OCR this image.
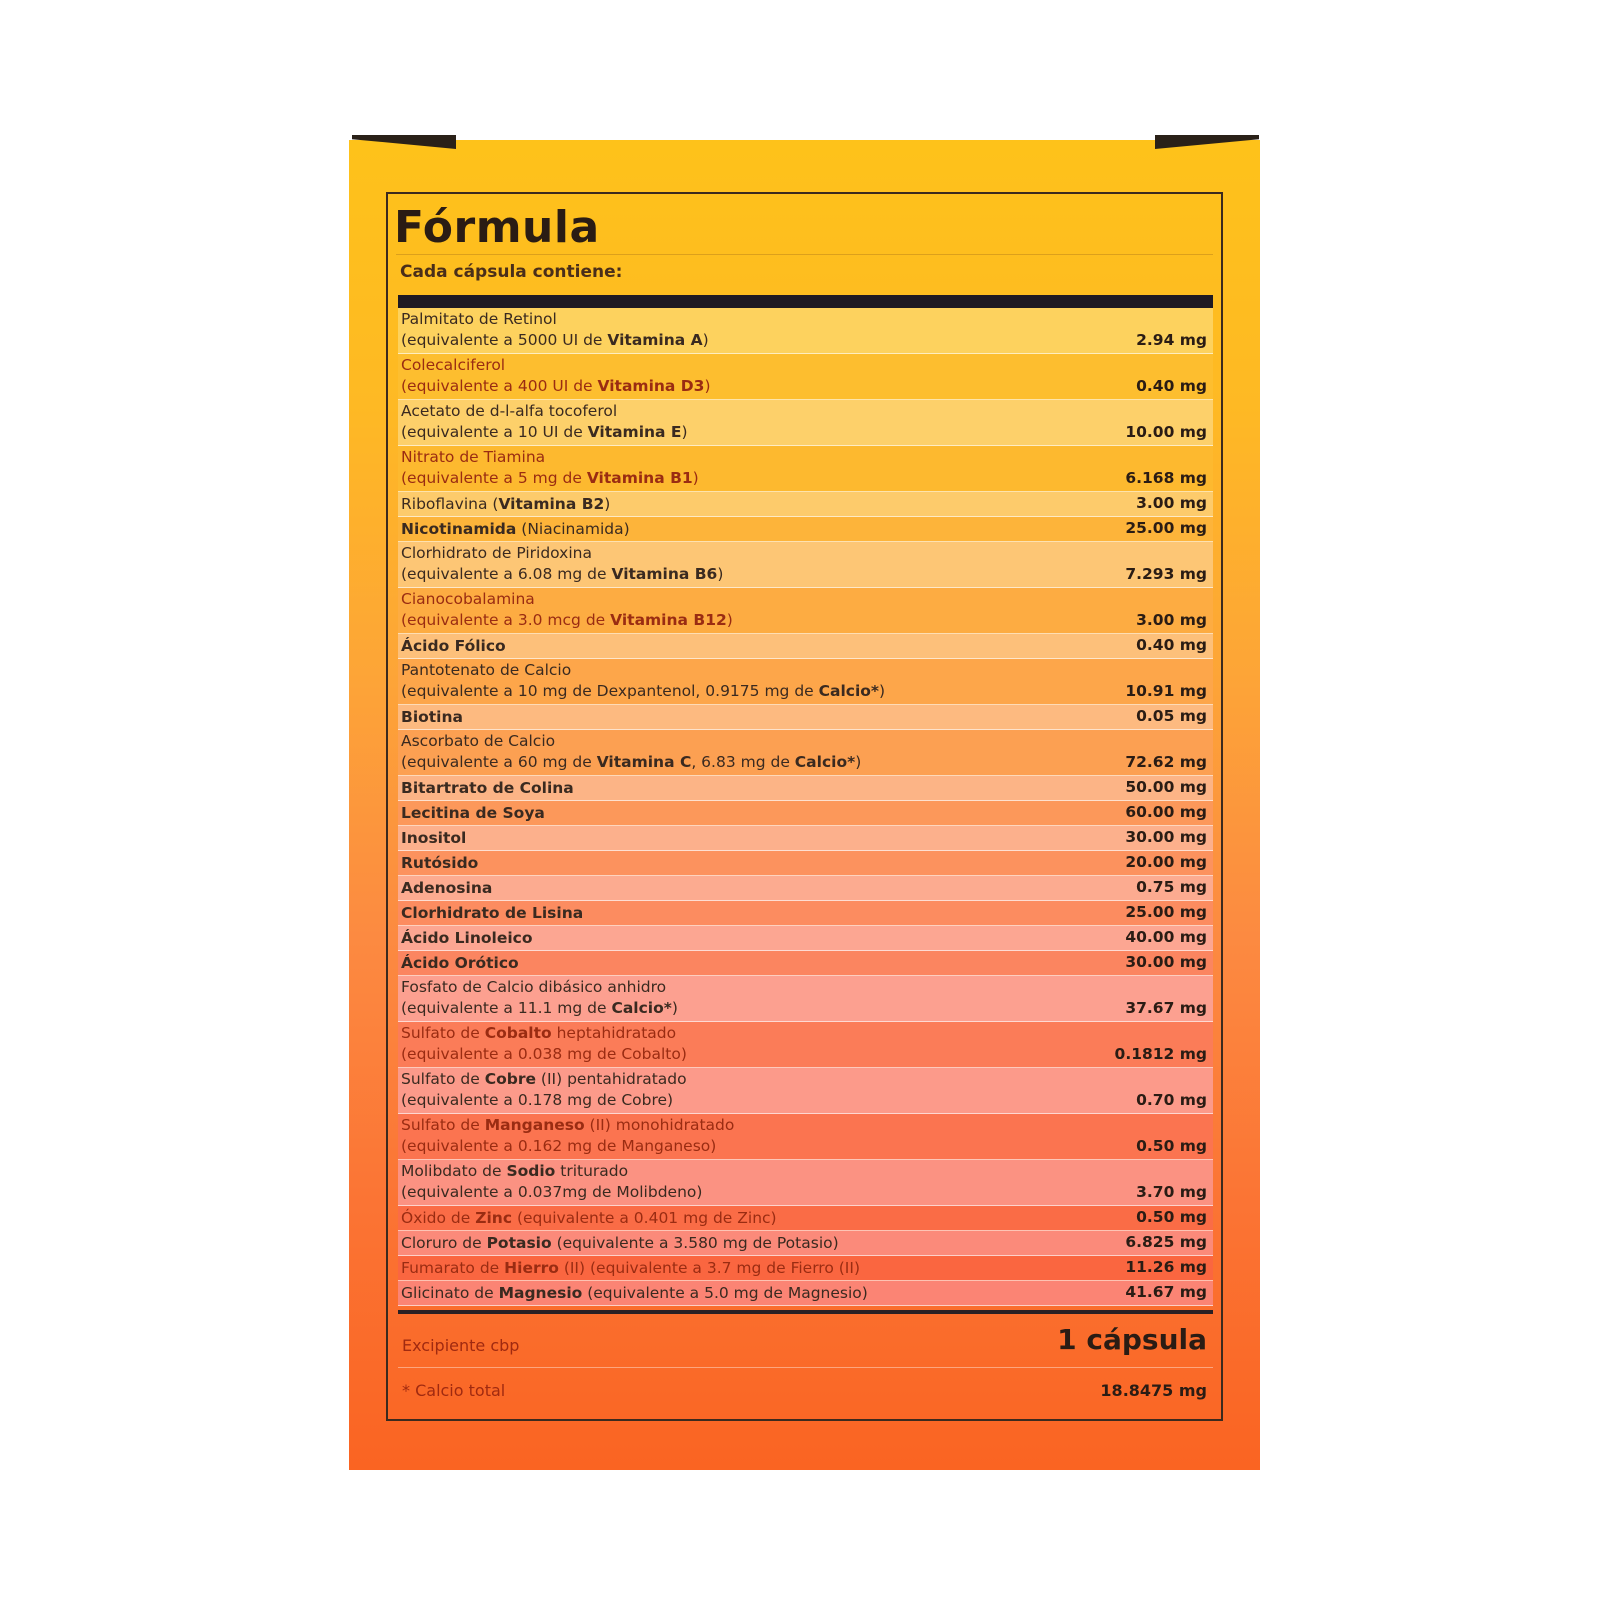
Fórmula

Cada cápsula contiene:

Palmitato de Retinol
(equivalente a 5000 UI de Vitamina A)	2.94 mg
Colecalciferol
(equivalente a 400 UI de Vitamina D3)	0.40 mg
Acetato de d-l-alfa tocoferol
(equivalente a 10 UI de Vitamina E)	10.00 mg
Nitrato de Tiamina
(equivalente a 5 mg de Vitamina B1)	6.168 mg
Riboflavina (Vitamina B2)	3.00 mg
Nicotinamida (Niacinamida)	25.00 mg
Clorhidrato de Piridoxina
(equivalente a 6.08 mg de Vitamina B6)	7.293 mg
Cianocobalamina
(equivalente a 3.0 mcg de Vitamina B12)	3.00 mg
Ácido Fólico	0.40 mg
Pantotenato de Calcio
(equivalente a 10 mg de Dexpantenol, 0.9175 mg de Calcio*)	10.91 mg
Biotina	0.05 mg
Ascorbato de Calcio
(equivalente a 60 mg de Vitamina C, 6.83 mg de Calcio*)	72.62 mg
Bitartrato de Colina	50.00 mg
Lecitina de Soya	60.00 mg
Inositol	30.00 mg
Rutósido	20.00 mg
Adenosina	0.75 mg
Clorhidrato de Lisina	25.00 mg
Ácido Linoleico	40.00 mg
Ácido Orótico	30.00 mg
Fosfato de Calcio dibásico anhidro
(equivalente a 11.1 mg de Calcio*)	37.67 mg
Sulfato de Cobalto heptahidratado
(equivalente a 0.038 mg de Cobalto)	0.1812 mg
Sulfato de Cobre (II) pentahidratado
(equivalente a 0.178 mg de Cobre)	0.70 mg
Sulfato de Manganeso (II) monohidratado
(equivalente a 0.162 mg de Manganeso)	0.50 mg
Molibdato de Sodio triturado
(equivalente a 0.037mg de Molibdeno)	3.70 mg
Óxido de Zinc (equivalente a 0.401 mg de Zinc)	0.50 mg
Cloruro de Potasio (equivalente a 3.580 mg de Potasio)	6.825 mg
Fumarato de Hierro (II) (equivalente a 3.7 mg de Fierro (II)	11.26 mg
Glicinato de Magnesio (equivalente a 5.0 mg de Magnesio)	41.67 mg
Excipiente cbp	1 cápsula
* Calcio total	18.8475 mg
